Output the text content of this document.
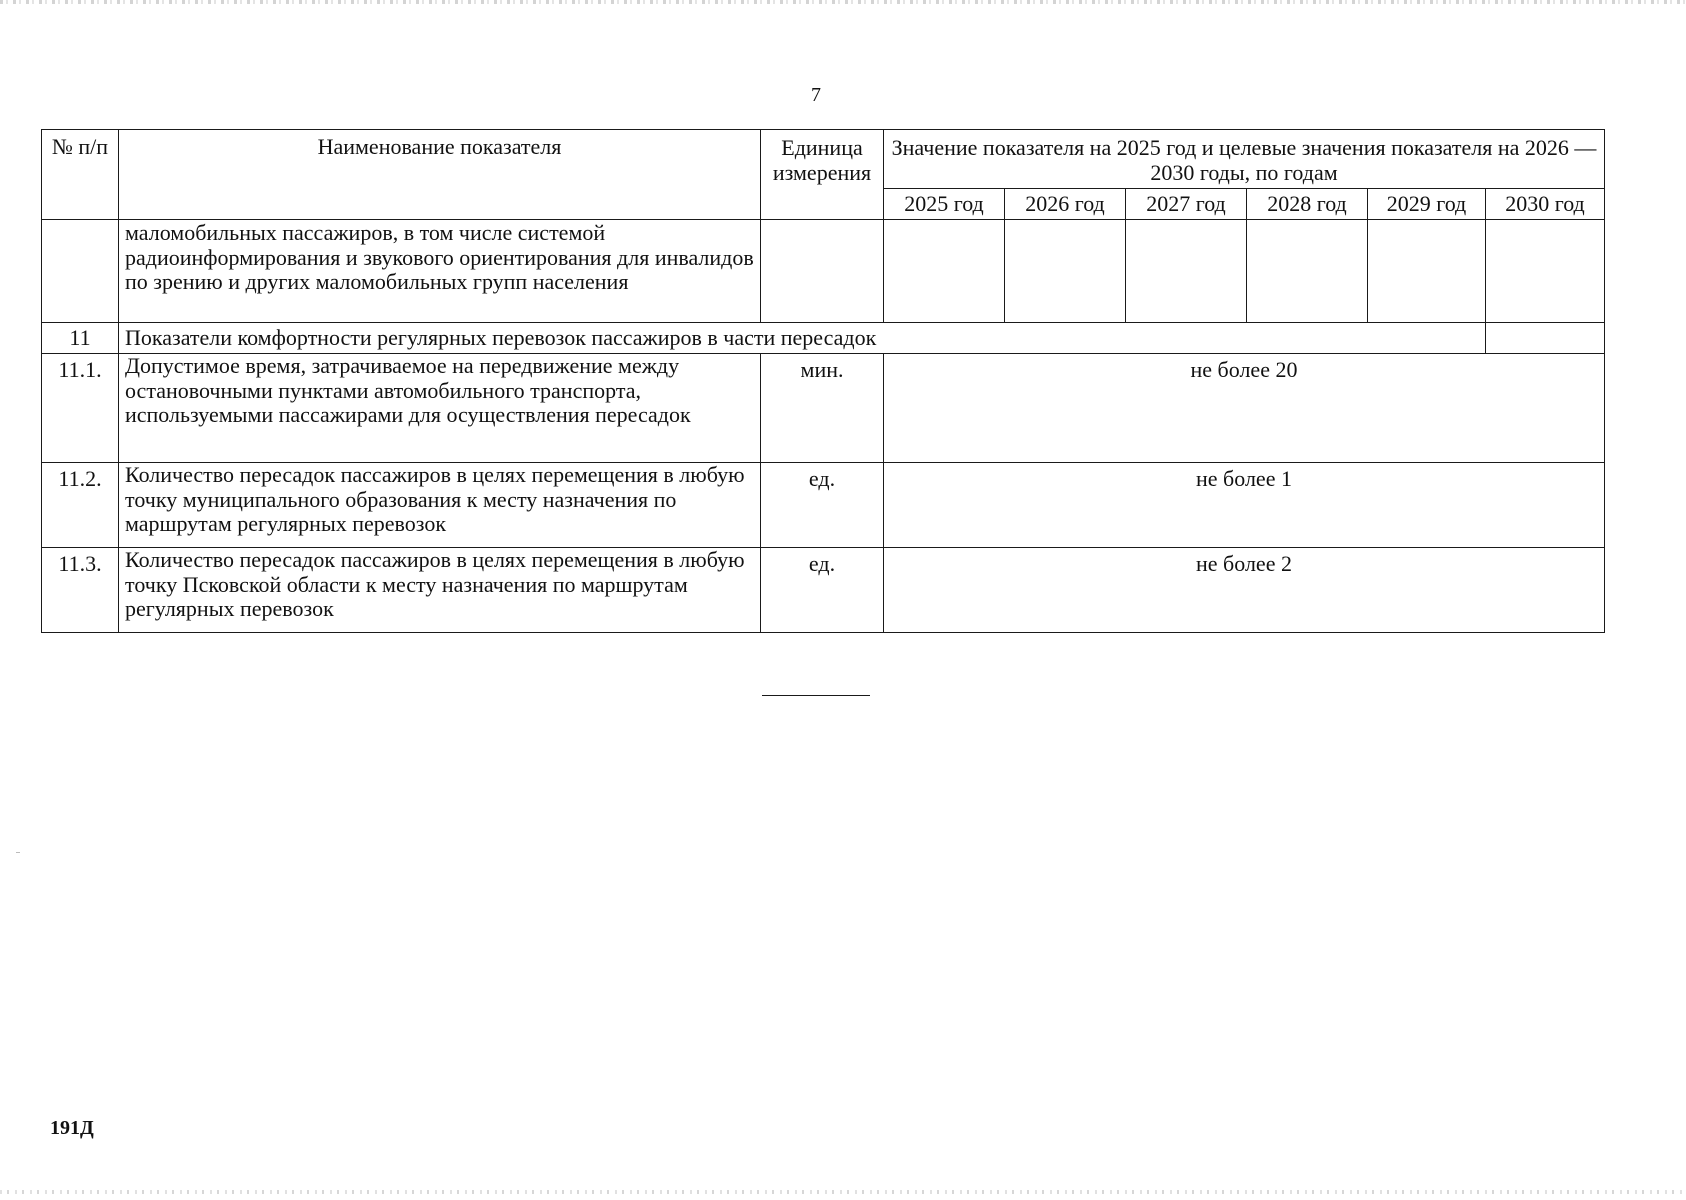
7
№ п/п	Наименование показателя	Единица измерения	Значение показателя на 2025 год и целевые значения показателя на 2026 — 2030 годы, по годам					
			2025 год	2026 год	2027 год	2028 год	2029 год	2030 год
	маломобильных пассажиров, в том числе системой радиоинформирования и звукового ориентирования для инвалидов по зрению и других маломобильных групп населения							
11	Показатели комфортности регулярных перевозок пассажиров в части пересадок							
11.1.	Допустимое время, затрачиваемое на передвижение между остановочными пунктами автомобильного транспорта, используемыми пассажирами для осуществления пересадок	мин.	не более 20					
11.2.	Количество пересадок пассажиров в целях перемещения в любую точку муниципального образования к месту назначения по маршрутам регулярных перевозок	ед.	не более 1					
11.3.	Количество пересадок пассажиров в целях перемещения в любую точку Псковской области к месту назначения по маршрутам регулярных перевозок	ед.	не более 2					
191Д
